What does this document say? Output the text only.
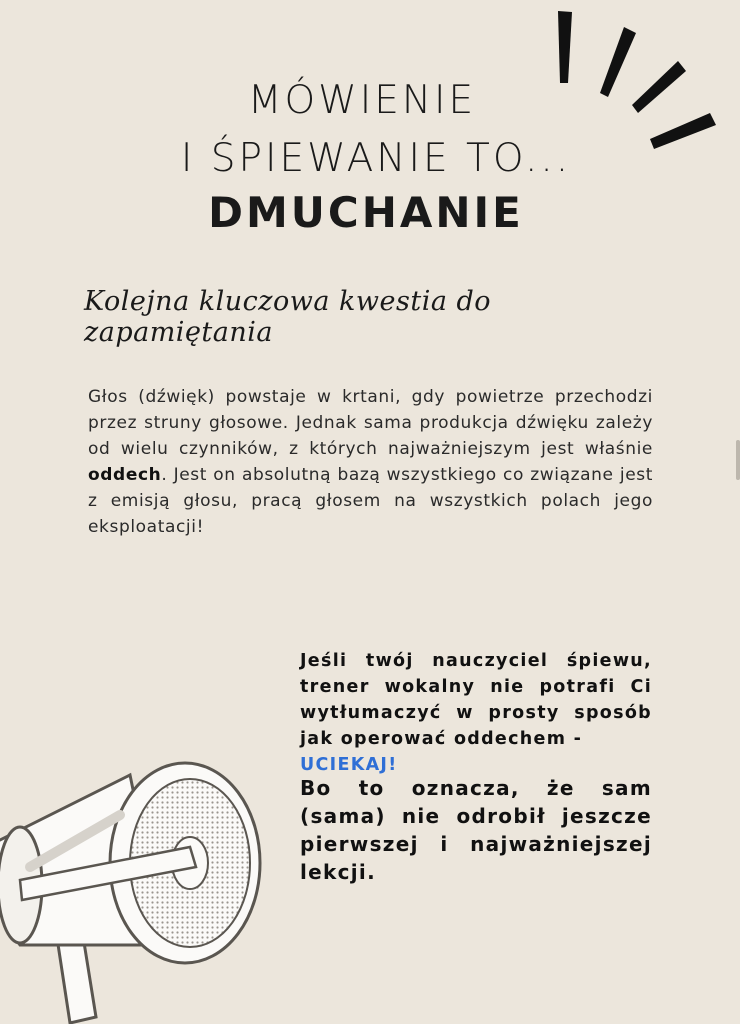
MÓWIENIE
I ŚPIEWANIE TO...
DMUCHANIE
Kolejna kluczowa kwestia do zapamiętania
Głos (dźwięk) powstaje w krtani, gdy powietrze przechodzi przez struny głosowe. Jednak sama produkcja dźwięku zależy od wielu czynników, z których najważniejszym jest właśnie oddech. Jest on absolutną bazą wszystkiego co związane jest z emisją głosu, pracą głosem na wszystkich polach jego eksploatacji!
Jeśli twój nauczyciel śpiewu, trener wokalny nie potrafi Ci wytłumaczyć w prosty sposób jak operować oddechem -
UCIEKAJ!
Bo to oznacza, że sam (sama) nie odrobił jeszcze pierwszej i najważniejszej lekcji.
